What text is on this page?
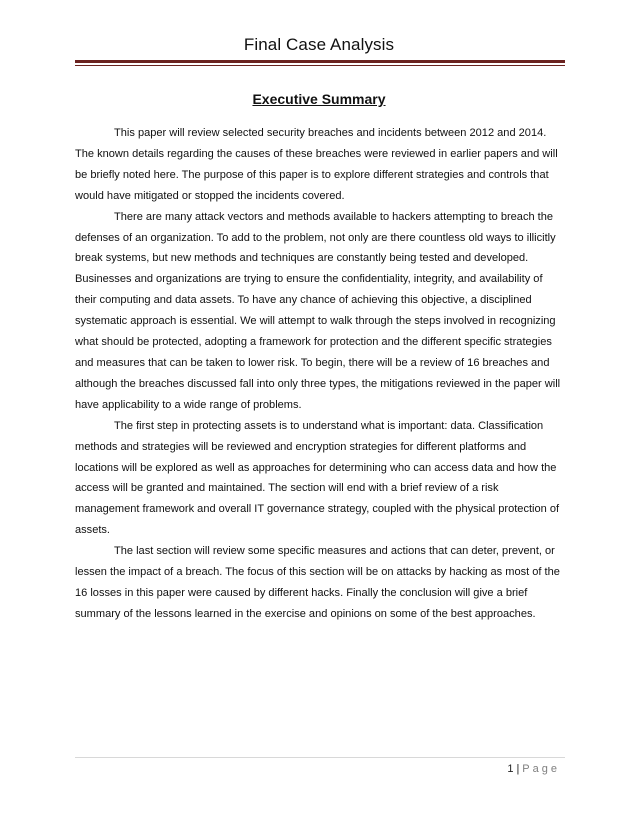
Final Case Analysis
Executive Summary

This paper will review selected security breaches and incidents between 2012 and 2014. The known details regarding the causes of these breaches were reviewed in earlier papers and will be briefly noted here. The purpose of this paper is to explore different strategies and controls that would have mitigated or stopped the incidents covered.

There are many attack vectors and methods available to hackers attempting to breach the defenses of an organization. To add to the problem, not only are there countless old ways to illicitly break systems, but new methods and techniques are constantly being tested and developed. Businesses and organizations are trying to ensure the confidentiality, integrity, and availability of their computing and data assets. To have any chance of achieving this objective, a disciplined systematic approach is essential. We will attempt to walk through the steps involved in recognizing what should be protected, adopting a framework for protection and the different specific strategies and measures that can be taken to lower risk. To begin, there will be a review of 16 breaches and although the breaches discussed fall into only three types, the mitigations reviewed in the paper will have applicability to a wide range of problems.

The first step in protecting assets is to understand what is important: data. Classification methods and strategies will be reviewed and encryption strategies for different platforms and locations will be explored as well as approaches for determining who can access data and how the access will be granted and maintained. The section will end with a brief review of a risk management framework and overall IT governance strategy, coupled with the physical protection of assets.

The last section will review some specific measures and actions that can deter, prevent, or lessen the impact of a breach. The focus of this section will be on attacks by hacking as most of the 16 losses in this paper were caused by different hacks. Finally the conclusion will give a brief summary of the lessons learned in the exercise and opinions on some of the best approaches.

1 | Page
